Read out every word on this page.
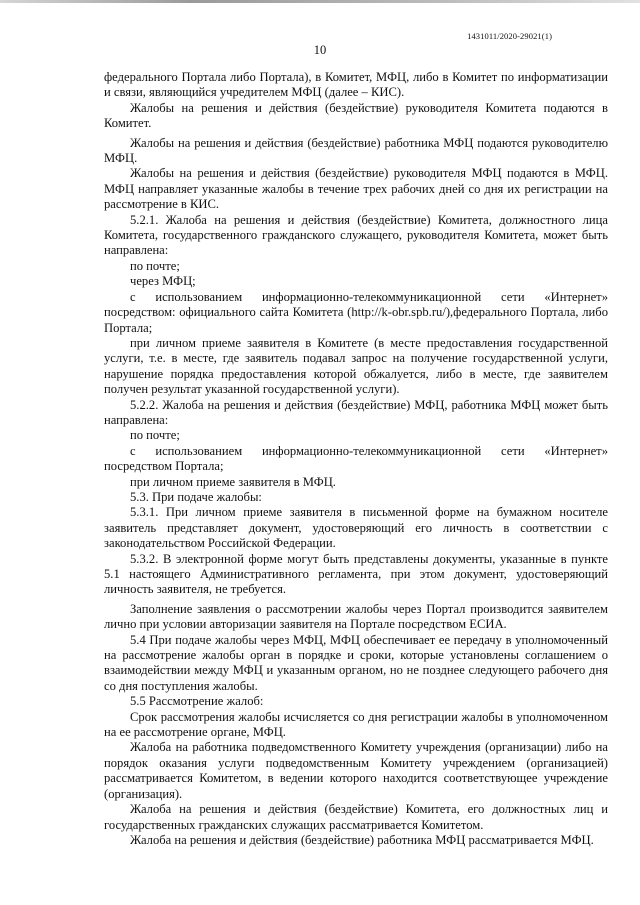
1431011/2020-29021(1)
10

федерального Портала либо Портала), в Комитет, МФЦ, либо в Комитет по информатизации и связи, являющийся учредителем МФЦ (далее – КИС).

Жалобы на решения и действия (бездействие) руководителя Комитета подаются в Комитет.

Жалобы на решения и действия (бездействие) работника МФЦ подаются руководителю МФЦ.

Жалобы на решения и действия (бездействие) руководителя МФЦ подаются в МФЦ. МФЦ направляет указанные жалобы в течение трех рабочих дней со дня их регистрации на рассмотрение в КИС.

5.2.1. Жалоба на решения и действия (бездействие) Комитета, должностного лица Комитета, государственного гражданского служащего, руководителя Комитета, может быть направлена:

по почте;

через МФЦ;

с использованием информационно-телекоммуникационной сети «Интернет» посредством: официального сайта Комитета (http://k-obr.spb.ru/),федерального Портала, либо Портала;

при личном приеме заявителя в Комитете (в месте предоставления государственной услуги, т.е. в месте, где заявитель подавал запрос на получение государственной услуги, нарушение порядка предоставления которой обжалуется, либо в месте, где заявителем получен результат указанной государственной услуги).

5.2.2. Жалоба на решения и действия (бездействие) МФЦ, работника МФЦ может быть направлена:

по почте;

с использованием информационно-телекоммуникационной сети «Интернет» посредством Портала;

при личном приеме заявителя в МФЦ.

5.3. При подаче жалобы:

5.3.1. При личном приеме заявителя в письменной форме на бумажном носителе заявитель представляет документ, удостоверяющий его личность в соответствии с законодательством Российской Федерации.

5.3.2. В электронной форме могут быть представлены документы, указанные в пункте 5.1 настоящего Административного регламента, при этом документ, удостоверяющий личность заявителя, не требуется.

Заполнение заявления о рассмотрении жалобы через Портал производится заявителем лично при условии авторизации заявителя на Портале посредством ЕСИА.

5.4 При подаче жалобы через МФЦ, МФЦ обеспечивает ее передачу в уполномоченный на рассмотрение жалобы орган в порядке и сроки, которые установлены соглашением о взаимодействии между МФЦ и указанным органом, но не позднее следующего рабочего дня со дня поступления жалобы.

5.5 Рассмотрение жалоб:

Срок рассмотрения жалобы исчисляется со дня регистрации жалобы в уполномоченном на ее рассмотрение органе, МФЦ.

Жалоба на работника подведомственного Комитету учреждения (организации) либо на порядок оказания услуги подведомственным Комитету учреждением (организацией) рассматривается Комитетом, в ведении которого находится соответствующее учреждение (организация).

Жалоба на решения и действия (бездействие) Комитета, его должностных лиц и государственных гражданских служащих рассматривается Комитетом.

Жалоба на решения и действия (бездействие) работника МФЦ рассматривается МФЦ.
